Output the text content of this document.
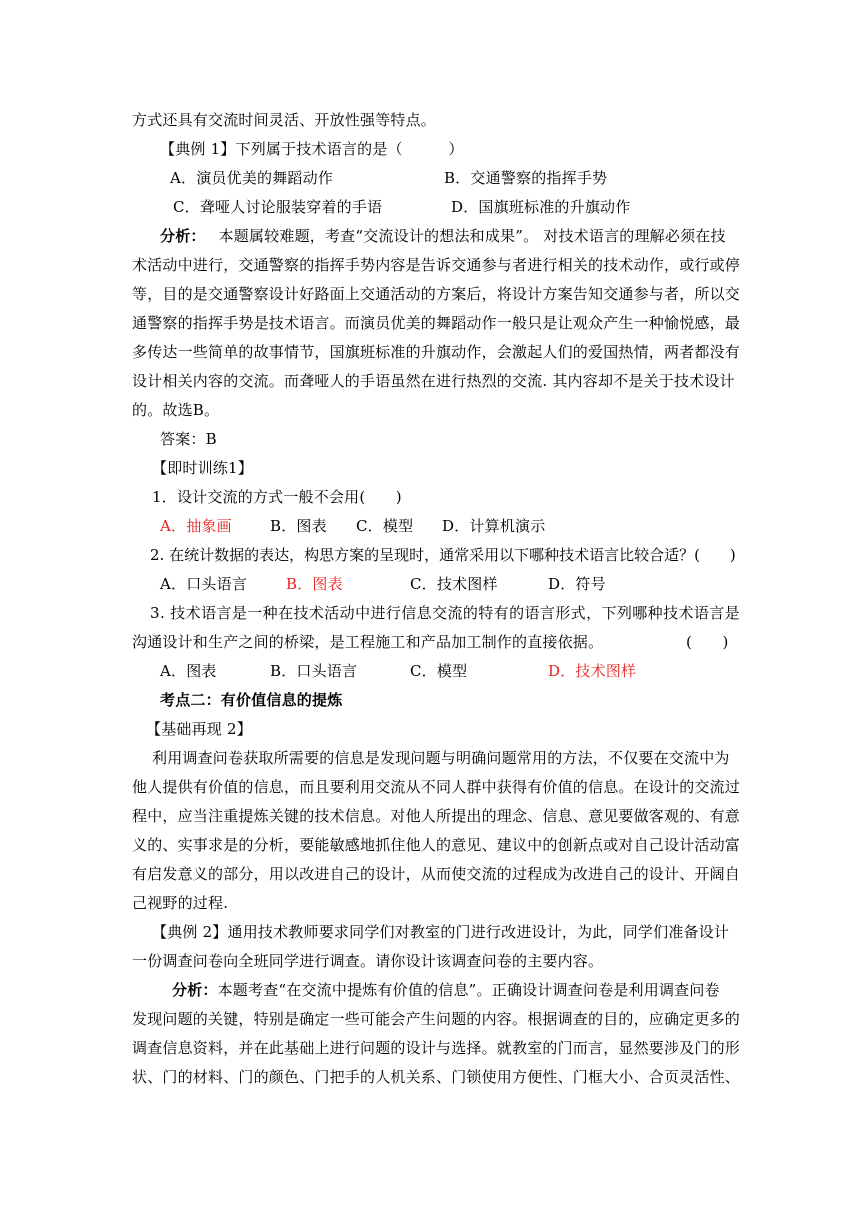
方式还具有交流时间灵活、开放性强等特点。
【典例 1】下列属于技术语言的是（　　　）
A．演员优美的舞蹈动作	B．交通警察的指挥手势
C．聋哑人讨论服装穿着的手语	D．国旗班标准的升旗动作
分析： 本题属较难题，考查“交流设计的想法和成果”。 对技术语言的理解必须在技
术活动中进行，交通警察的指挥手势内容是告诉交通参与者进行相关的技术动作，或行或停
等，目的是交通警察设计好路面上交通活动的方案后，将设计方案告知交通参与者，所以交
通警察的指挥手势是技术语言。而演员优美的舞蹈动作一般只是让观众产生一种愉悦感，最
多传达一些简单的故事情节，国旗班标准的升旗动作，会激起人们的爱国热情，两者都没有
设计相关内容的交流。而聋哑人的手语虽然在进行热烈的交流. 其内容却不是关于技术设计
的。故选B。
答案：B
【即时训练1】
1．设计交流的方式一般不会用(　　)
A．抽象画	B．图表 C．模型 D．计算机演示
2. 在统计数据的表达，构思方案的呈现时，通常采用以下哪种技术语言比较合适？(　　)
A．口头语言	B．图表	C．技术图样	D．符号
3. 技术语言是一种在技术活动中进行信息交流的特有的语言形式，下列哪种技术语言是
沟通设计和生产之间的桥梁，是工程施工和产品加工制作的直接依据。	(　　)
A．图表	B．口头语言	C．模型	D．技术图样
考点二：有价值信息的提炼
【基础再现 2】
利用调查问卷获取所需要的信息是发现问题与明确问题常用的方法，不仅要在交流中为
他人提供有价值的信息，而且要利用交流从不同人群中获得有价值的信息。在设计的交流过
程中，应当注重提炼关键的技术信息。对他人所提出的理念、信息、意见要做客观的、有意
义的、实事求是的分析，要能敏感地抓住他人的意见、建议中的创新点或对自己设计活动富
有启发意义的部分，用以改进自己的设计，从而使交流的过程成为改进自己的设计、开阔自
己视野的过程.
【典例 2】通用技术教师要求同学们对教室的门进行改进设计，为此，同学们准备设计
一份调查问卷向全班同学进行调查。请你设计该调查问卷的主要内容。
分析：本题考查“在交流中提炼有价值的信息”。正确设计调查问卷是利用调查问卷
发现问题的关键，特别是确定一些可能会产生问题的内容。根据调查的目的，应确定更多的
调查信息资料，并在此基础上进行问题的设计与选择。就教室的门而言，显然要涉及门的形
状、门的材料、门的颜色、门把手的人机关系、门锁使用方便性、门框大小、合页灵活性、
